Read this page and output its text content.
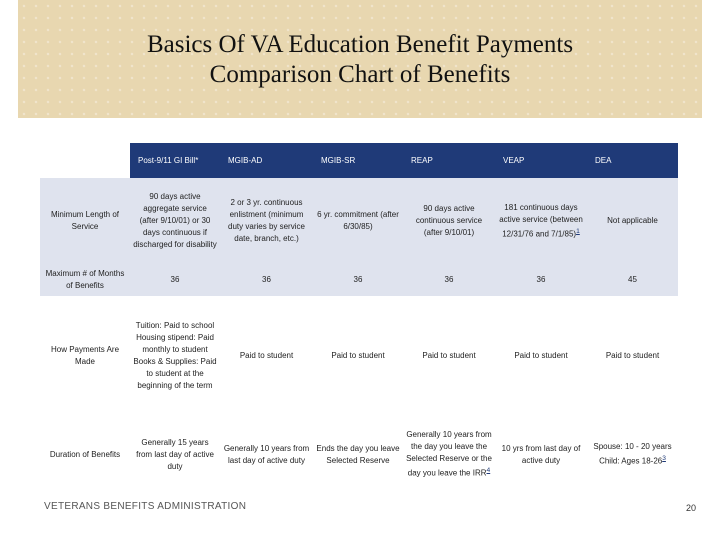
Basics Of VA Education Benefit Payments
Comparison Chart of Benefits
	Post-9/11 GI Bill*	MGIB-AD	MGIB-SR	REAP	VEAP	DEA
Minimum Length of Service	90 days active aggregate service (after 9/10/01) or 30 days continuous if discharged for disability	2 or 3 yr. continuous enlistment (minimum duty varies by service date, branch, etc.)	6 yr. commitment (after 6/30/85)	90 days active continuous service (after 9/10/01)	181 continuous days active service (between 12/31/76 and 7/1/85)$^1$	Not applicable
Maximum # of Months of Benefits	36	36	36	36	36	45
How Payments Are Made	Tuition: Paid to school Housing stipend: Paid monthly to student Books & Supplies: Paid to student at the beginning of the term	Paid to student	Paid to student	Paid to student	Paid to student	Paid to student
Duration of Benefits	Generally 15 years from last day of active duty	Generally 10 years from last day of active duty	Ends the day you leave Selected Reserve	Generally 10 years from the day you leave the Selected Reserve or the day you leave the IRR$^4$	10 yrs from last day of active duty	Spouse: 10 - 20 years Child: Ages 18-26$^3$
VETERANS BENEFITS ADMINISTRATION	20
